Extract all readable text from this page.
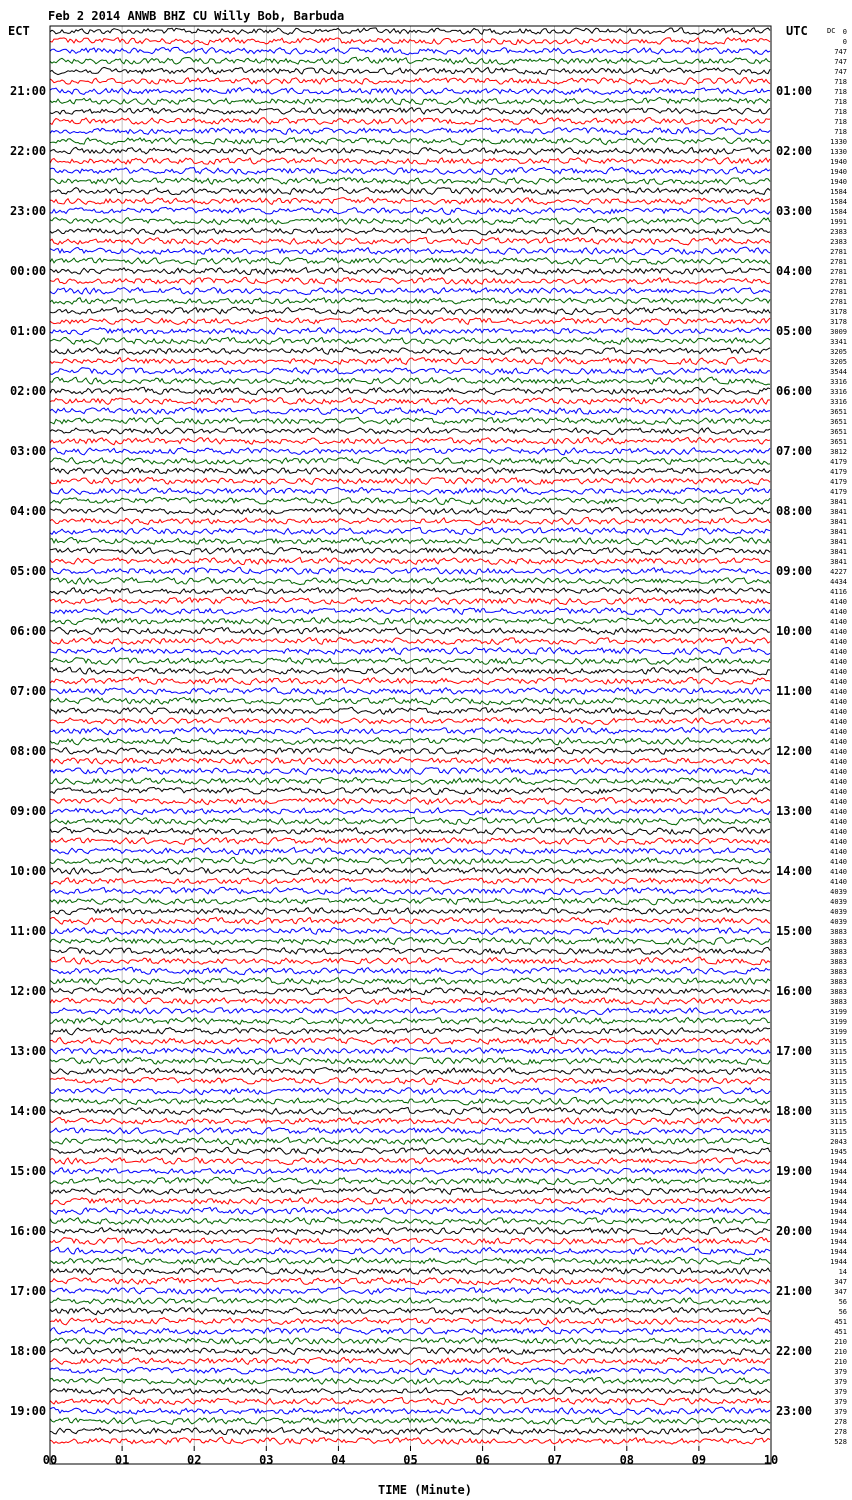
Feb 2 2014 ANWB BHZ CU Willy Bob, Barbuda
ECT	UTC	DC
21:00
22:00
23:00
00:00
01:00
02:00
03:00
04:00
05:00
06:00
07:00
08:00
09:00
10:00
11:00
12:00
13:00
14:00
15:00
16:00
17:00
18:00
19:00
01:00
02:00
03:00
04:00
05:00
06:00
07:00
08:00
09:00
10:00
11:00
12:00
13:00
14:00
15:00
16:00
17:00
18:00
19:00
20:00
21:00
22:00
23:00
0
0
747
747
747
718
718
718
718
718
718
1330
1330
1940
1940
1940
1584
1584
1584
1991
2383
2383
2781
2781
2781
2781
2781
2781
3178
3178
3009
3341
3205
3205
3544
3316
3316
3316
3651
3651
3651
3651
3812
4179
4179
4179
4179
3841
3841
3841
3841
3841
3841
3841
4227
4434
4116
4140
4140
4140
4140
4140
4140
4140
4140
4140
4140
4140
4140
4140
4140
4140
4140
4140
4140
4140
4140
4140
4140
4140
4140
4140
4140
4140
4140
4140
4039
4039
4039
4039
3883
3883
3883
3883
3883
3883
3883
3883
3199
3199
3199
3115
3115
3115
3115
3115
3115
3115
3115
3115
3115
2043
1945
1944
1944
1944
1944
1944
1944
1944
1944
1944
1944
1944
14
347
347
56
56
451
451
210
210
210
379
379
379
379
379
278
278
528
00	01	02	03	04	05	06	07	08	09	10
TIME (Minute)
